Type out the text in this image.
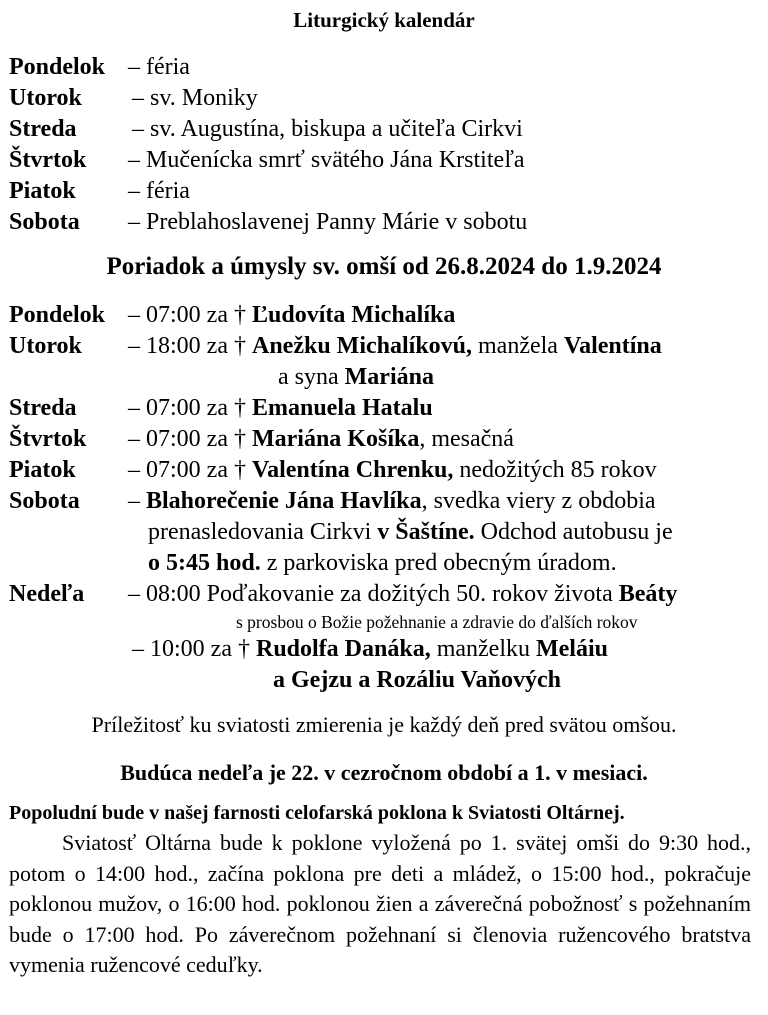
Liturgický kalendár
Pondelok – féria
Utorok – sv. Moniky
Streda – sv. Augustína, biskupa a učiteľa Cirkvi
Štvrtok – Mučenícka smrť svätého Jána Krstiteľa
Piatok – féria
Sobota – Preblahoslavenej Panny Márie v sobotu
Poriadok a úmysly sv. omší od 26.8.2024 do 1.9.2024
Pondelok – 07:00 za † Ľudovíta Michalíka
Utorok – 18:00 za † Anežku Michalíkovú, manžela Valentína
a syna Mariána
Streda – 07:00 za † Emanuela Hatalu
Štvrtok – 07:00 za † Mariána Košíka, mesačná
Piatok – 07:00 za † Valentína Chrenku, nedožitých 85 rokov
Sobota – Blahorečenie Jána Havlíka, svedka viery z obdobia
prenasledovania Cirkvi v Šaštíne. Odchod autobusu je
o 5:45 hod. z parkoviska pred obecným úradom.
Nedeľa – 08:00 Poďakovanie za dožitých 50. rokov života Beáty
s prosbou o Božie požehnanie a zdravie do ďalších rokov
– 10:00 za † Rudolfa Danáka, manželku Meláiu
a Gejzu a Rozáliu Vaňových
Príležitosť ku sviatosti zmierenia je každý deň pred svätou omšou.
Budúca nedeľa je 22. v cezročnom období a 1. v mesiaci.
Popoludní bude v našej farnosti celofarská poklona k Sviatosti Oltárnej.
Sviatosť Oltárna bude k poklone vyložená po 1. svätej omši do 9:30 hod., potom o 14:00 hod., začína poklona pre deti a mládež, o 15:00 hod., pokračuje poklonou mužov, o 16:00 hod. poklonou žien a záverečná pobožnosť s požehnaním bude o 17:00 hod. Po záverečnom požehnaní si členovia ružencového bratstva vymenia ružencové ceduľky.
